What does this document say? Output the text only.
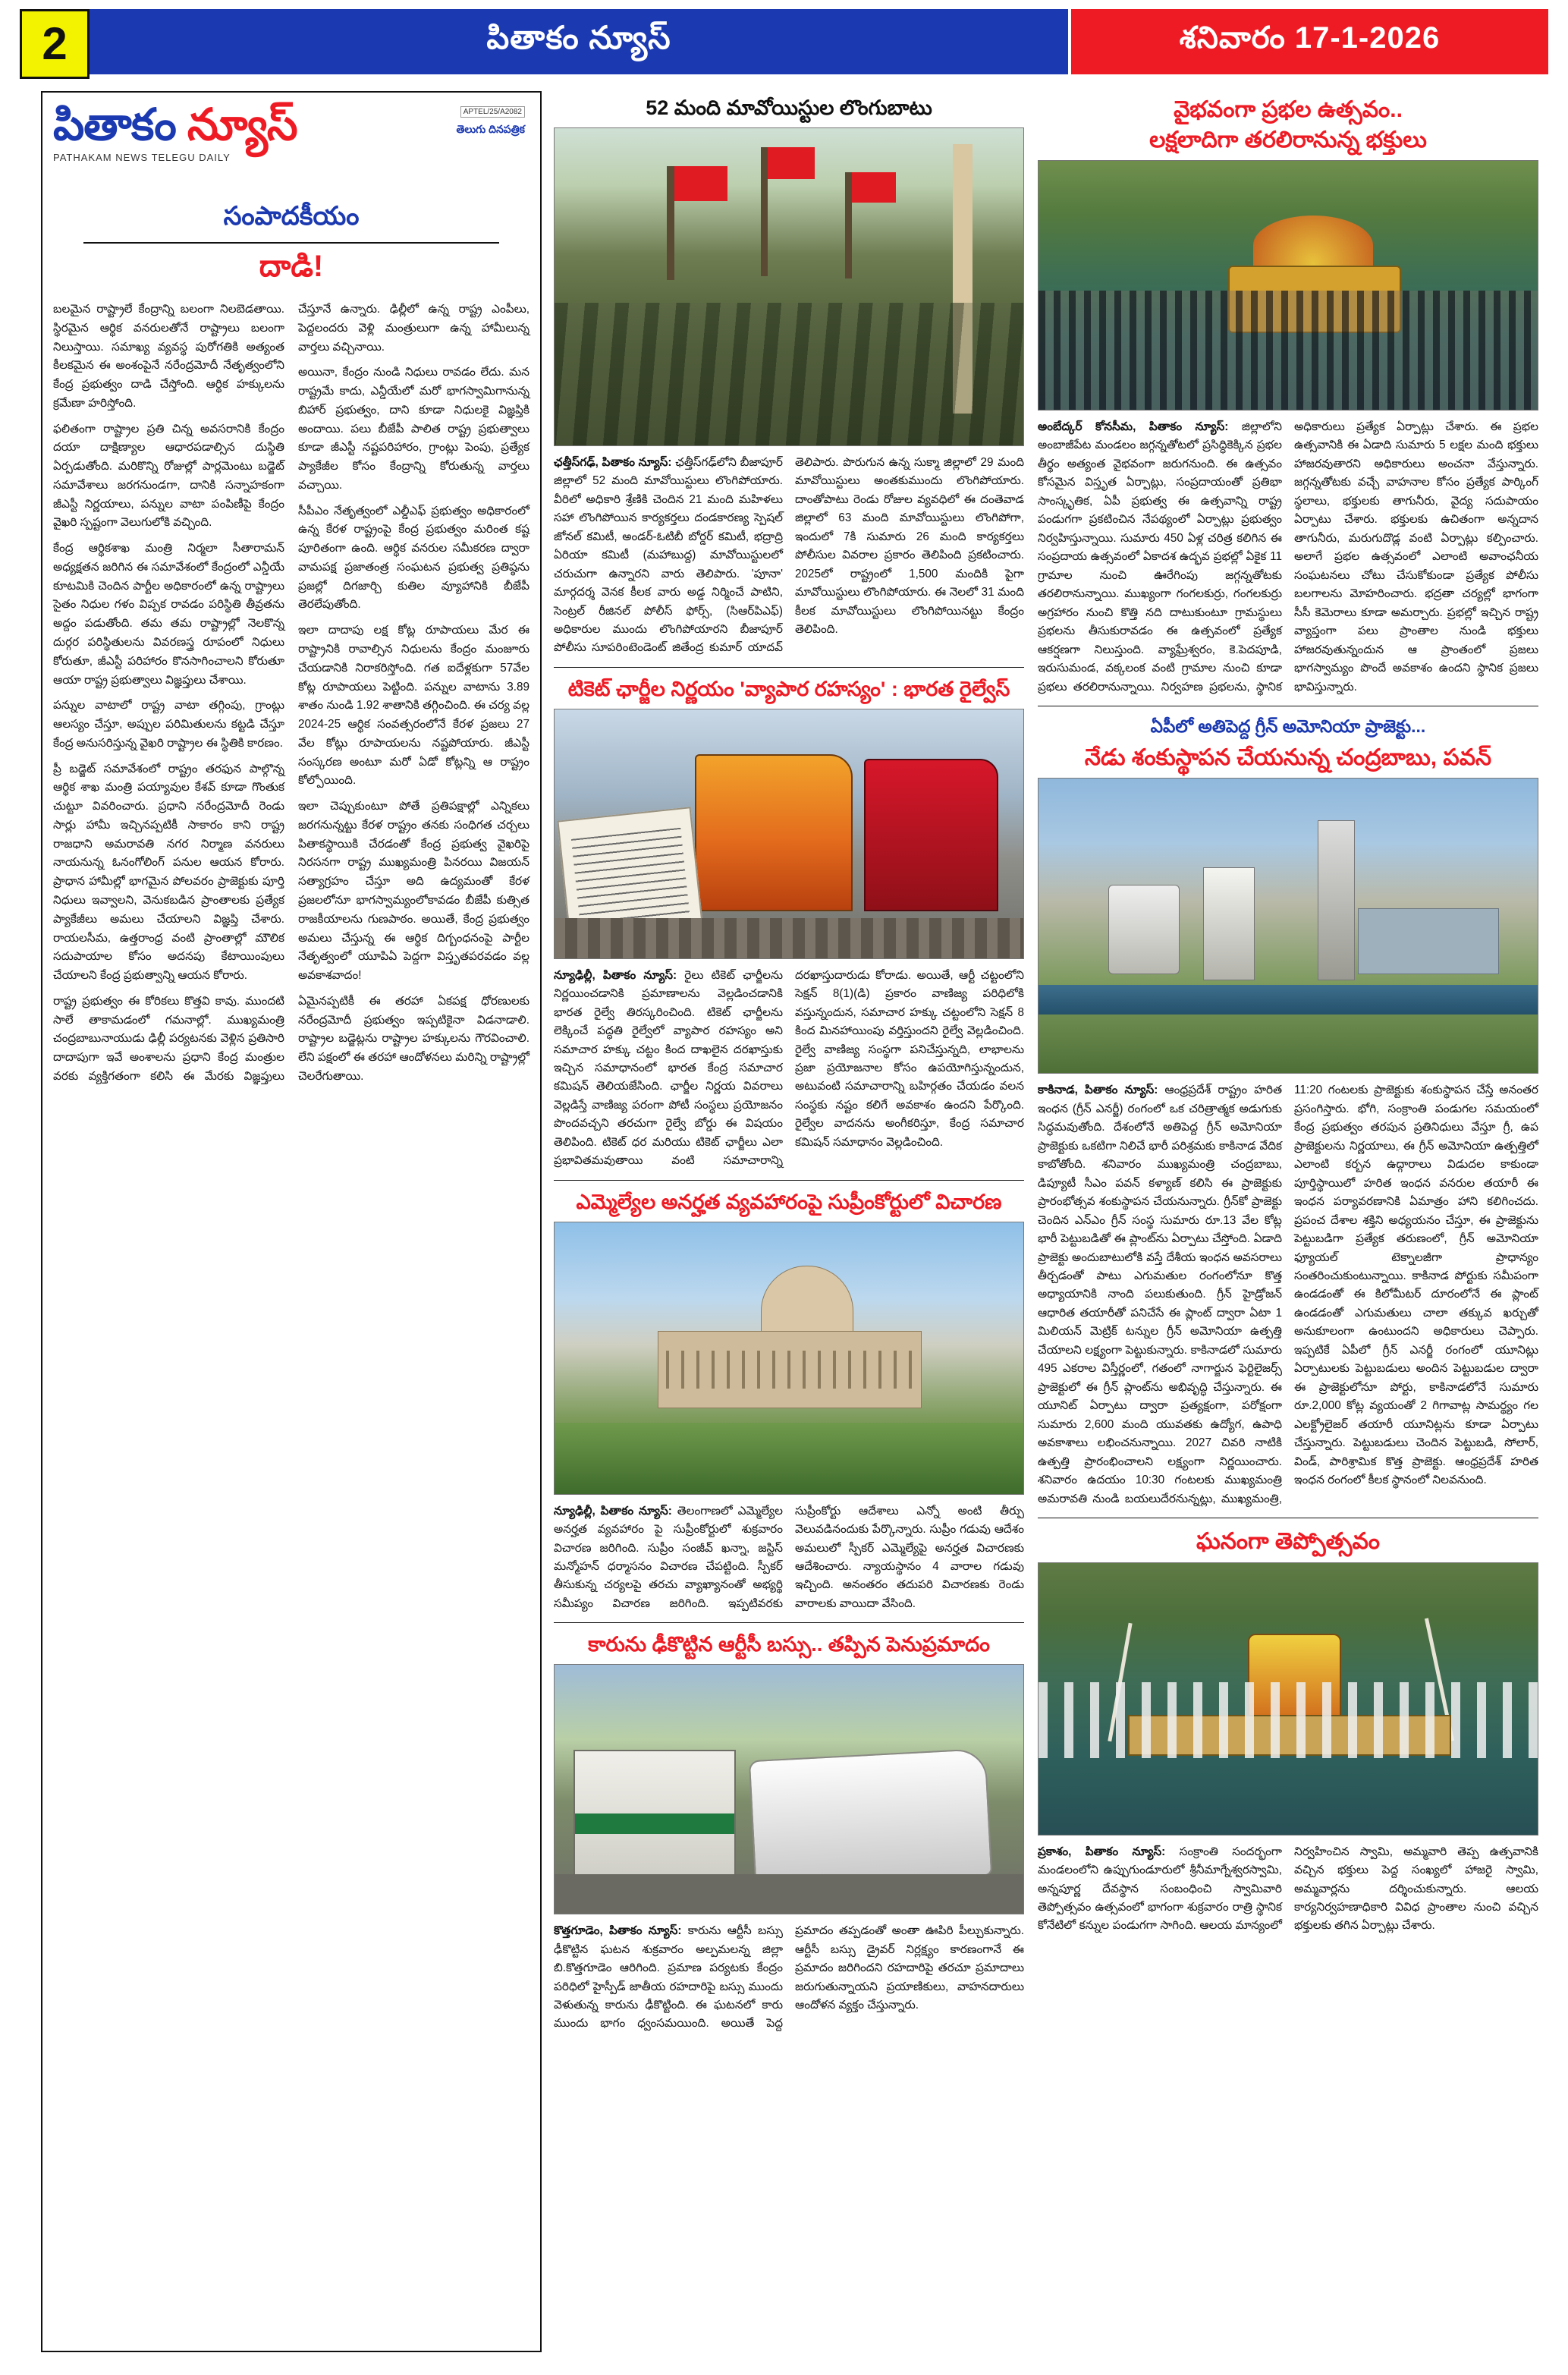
2	పితాకం న్యూస్	శనివారం 17-1-2026
APTEL/25/A2082
పితాకం న్యూస్	తెలుగు దినపత్రిక
PATHAKAM NEWS TELEGU DAILY
సంపాదకీయం
దాడి!

బలమైన రాష్ట్రాలే కేంద్రాన్ని బలంగా నిలబెడతాయి. స్థిరమైన ఆర్థిక వనరులతోనే రాష్ట్రాలు బలంగా నిలుస్తాయి. సమాఖ్య వ్యవస్థ పురోగతికి అత్యంత కీలకమైన ఈ అంశంపైనే నరేంద్రమోదీ నేతృత్వంలోని కేంద్ర ప్రభుత్వం దాడి చేస్తోంది. ఆర్థిక హక్కులను క్రమేణా హరిస్తోంది.

ఫలితంగా రాష్ట్రాల ప్రతి చిన్న అవసరానికి కేంద్రం దయా దాక్షిణ్యాల ఆధారపడాల్సిన దుస్థితి ఏర్పడుతోంది. మరికొన్ని రోజుల్లో పార్లమెంటు బడ్జెట్ సమావేశాలు జరగనుండగా, దానికి సన్నాహకంగా జీఎస్టీ నిర్ణయాలు, పన్నుల వాటా పంపిణీపై కేంద్రం వైఖరి స్పష్టంగా వెలుగులోకి వచ్చింది.

కేంద్ర ఆర్థికశాఖ మంత్రి నిర్మలా సీతారామన్ అధ్యక్షతన జరిగిన ఈ సమావేశంలో కేంద్రంలో ఎన్డీయే కూటమికి చెందిన పార్టీల అధికారంలో ఉన్న రాష్ట్రాలు సైతం నిధుల గళం విప్పక రావడం పరిస్థితి తీవ్రతను అద్దం పడుతోంది. తమ తమ రాష్ట్రాల్లో నెలకొన్న దుర్గర పరిస్థితులను వివరణస్త్ర రూపంలో నిధులు కోరుతూ, జీఎస్టీ పరిహారం కొనసాగించాలని కోరుతూ ఆయా రాష్ట్ర ప్రభుత్వాలు విజ్ఞప్తులు చేశాయి.

పన్నుల వాటాలో రాష్ట్ర వాటా తగ్గింపు, గ్రాంట్లు ఆలస్యం చేస్తూ, అప్పుల పరిమితులను కట్టడి చేస్తూ కేంద్ర అనుసరిస్తున్న వైఖరి రాష్ట్రాల ఈ స్థితికి కారణం.

ప్రీ బడ్జెట్ సమావేశంలో రాష్ట్రం తరఫున పాల్గొన్న ఆర్థిక శాఖ మంత్రి పయ్యావుల కేశవ్ కూడా గొంతుక చుట్టూ వివరించారు. ప్రధాని నరేంద్రమోదీ రెండు సార్లు హామీ ఇచ్చినప్పటికీ సాకారం కాని రాష్ట్ర రాజధాని అమరావతి నగర నిర్మాణ వనరులు నాయనున్న ఓనంగోలింగ్ పనుల ఆయన కోరారు. ప్రాధాన హామీల్లో భాగమైన పోలవరం ప్రాజెక్టుకు పూర్తి నిధులు ఇవ్వాలని, వెనుకబడిన ప్రాంతాలకు ప్రత్యేక ప్యాకేజీలు అమలు చేయాలని విజ్ఞప్తి చేశారు. రాయలసీమ, ఉత్తరాంధ్ర వంటి ప్రాంతాల్లో మౌలిక సదుపాయాల కోసం అదనపు కేటాయింపులు చేయాలని కేంద్ర ప్రభుత్వాన్ని ఆయన కోరారు.

రాష్ట్ర ప్రభుత్వం ఈ కోరికలు కొత్తవి కావు. ముందటి సాలే తాకామడంలో గమనాల్లో. ముఖ్యమంత్రి చంద్రబాబునాయుడు ఢిల్లీ పర్యటనకు వెళ్లిన ప్రతిసారి దాదాపుగా ఇవే అంశాలను ప్రధాని కేంద్ర మంత్రుల వరకు వ్యక్తిగతంగా కలిసి ఈ మేరకు విజ్ఞప్తులు చేస్తూనే ఉన్నారు. ఢిల్లీలో ఉన్న రాష్ట్ర ఎంపీలు, పెద్దలందరు వెళ్లి మంత్రులుగా ఉన్న హామీలున్న వార్తలు వచ్చినాయి.

అయినా, కేంద్రం నుండి నిధులు రావడం లేదు. మన రాష్ట్రమే కాదు, ఎన్డీయేలో మరో భాగస్వామిగానున్న బిహార్ ప్రభుత్వం, దాని కూడా నిధులకై విజ్ఞప్తికి అందాయి. పలు బీజేపీ పాలిత రాష్ట్ర ప్రభుత్వాలు కూడా జీఎస్టీ నష్టపరిహారం, గ్రాంట్లు పెంపు, ప్రత్యేక ప్యాకేజీల కోసం కేంద్రాన్ని కోరుతున్న వార్తలు వచ్చాయి.

సీపీఎం నేతృత్వంలో ఎల్డీఎఫ్ ప్రభుత్వం అధికారంలో ఉన్న కేరళ రాష్ట్రంపై కేంద్ర ప్రభుత్వం మరింత కష్ట పూరితంగా ఉంది. ఆర్థిక వనరుల సమీకరణ ద్వారా వామపక్ష ప్రజాతంత్ర సంఘటన ప్రభుత్వ ప్రతిష్ఠను ప్రజల్లో దిగజార్చి కుతిల వ్యూహానికి బీజేపీ తెరలేపుతోంది.

ఇలా దాదాపు లక్ష కోట్ల రూపాయలు మేర ఈ రాష్ట్రానికి రావాల్సిన నిధులను కేంద్రం మంజూరు చేయడానికి నిరాకరిస్తోంది. గత ఐదేళ్లకుగా 57వేల కోట్ల రూపాయలు పెట్టింది. పన్నుల వాటాను 3.89 శాతం నుండి 1.92 శాతానికి తగ్గించింది. ఈ చర్య వల్ల 2024-25 ఆర్థిక సంవత్సరంలోనే కేరళ ప్రజలు 27 వేల కోట్లు రూపాయలను నష్టపోయారు. జీఎస్టీ సంస్కరణ అంటూ మరో ఏడో కోట్లన్ని ఆ రాష్ట్రం కోల్పోయింది.

ఇలా చెప్పుకుంటూ పోతే ప్రతిపక్షాల్లో ఎన్నికలు జరగనున్నట్టు కేరళ రాష్ట్రం తనకు సంధిగత చర్చలు పితాకస్థాయికి చేరడంతో కేంద్ర ప్రభుత్వ వైఖరిపై నిరసనగా రాష్ట్ర ముఖ్యమంత్రి పినరయి విజయన్ సత్యాగ్రహం చేస్తూ అది ఉద్యమంతో కేరళ ప్రజలలోనూ భాగస్వామ్యంలోకావడం బీజేపీ కుత్సిత రాజకీయాలను గుణపాఠం. అయితే, కేంద్ర ప్రభుత్వం అమలు చేస్తున్న ఈ ఆర్థిక దిగ్బంధనంపై పార్టీల నేతృత్వంలో యూపిఏ పెద్దగా విస్తృతపరవడం వల్ల అవకాశవాదం!

ఏమైనప్పటికీ ఈ తరహా ఏకపక్ష ధోరణులకు నరేంద్రమోదీ ప్రభుత్వం ఇప్పటికైనా విడనాడాలి. రాష్ట్రాల బడ్జెట్లను రాష్ట్రాల హక్కులను గౌరవించాలి. లేని పక్షంలో ఈ తరహా ఆందోళనలు మరిన్ని రాష్ట్రాల్లో చెలరేగుతాయి.

52 మంది మావోయిస్టుల లొంగుబాటు

ఛత్తీస్‌గఢ్, పితాకం న్యూస్: ఛత్తీస్‌గఢ్‌లోని బీజాపూర్ జిల్లాలో 52 మంది మావోయిస్టులు లొంగిపోయారు. వీరిలో అధికారి శ్రేణికి చెందిన 21 మంది మహిళలు సహా లొంగిపోయిన కార్యకర్తలు దండకారణ్య స్పెషల్ జోనల్ కమిటీ, అండర్‌-ఓటిబీ బోర్డర్ కమిటీ, భద్రాద్రి ఏరియా కమిటీ (మహాబుద్ద) మావోయిస్టులలో చరుచుగా ఉన్నారని వారు తెలిపారు. 'పూనా' మార్గదర్శ వెనక కీలక వారు అడ్డ నిర్మించే పాటిని, సెంట్రల్ రీజినల్ పోలీస్ ఫోర్స్, (సిఆర్‌పిఎఫ్) అధికారుల ముందు లొంగిపోయారని బీజాపూర్ పోలీసు సూపరింటెండెంట్ జితేంద్ర కుమార్ యాదవ్ తెలిపారు. పొరుగున ఉన్న సుక్మా జిల్లాలో 29 మంది మావోయిస్టులు అంతకుముందు లొంగిపోయారు. దాంతోపాటు రెండు రోజుల వ్యవధిలో ఈ దంతెవాడ జిల్లాలో 63 మంది మావోయిస్టులు లొంగిపోగా, ఇందులో 7కి సుమారు 26 మంది కార్యకర్తలు పోలీసుల వివరాల ప్రకారం తెలిపింది ప్రకటించారు. 2025లో రాష్ట్రంలో 1,500 మందికి పైగా మావోయిస్టులు లొంగిపోయారు. ఈ నెలలో 31 మంది కీలక మావోయిస్టులు లొంగిపోయినట్టు కేంద్రం తెలిపింది.

టికెట్ ఛార్జీల నిర్ణయం 'వ్యాపార రహస్యం' : భారత రైల్వేస్

న్యూఢిల్లీ, పితాకం న్యూస్: రైలు టికెట్ ఛార్జీలను నిర్ణయించడానికి ప్రమాణాలను వెల్లడించడానికి భారత రైల్వే తిరస్కరించింది. టికెట్ ఛార్జీలను లెక్కించే పద్ధతి రైల్వేలో వ్యాపార రహస్యం అని సమాచార హక్కు చట్టం కింద దాఖలైన దరఖాస్తుకు ఇచ్చిన సమాధానంలో భారత కేంద్ర సమాచార కమిషన్ తెలియజేసింది. ఛార్జీల నిర్ణయ వివరాలు వెల్లడిస్తే వాణిజ్య పరంగా పోటీ సంస్థలు ప్రయోజనం పొందవచ్చని తరచుగా రైల్వే బోర్డు ఈ విషయం తెలిపింది. టికెట్ ధర మరియు టికెట్ ఛార్జీలు ఎలా ప్రభావితమవుతాయి వంటి సమాచారాన్ని దరఖాస్తుదారుడు కోరాడు. అయితే, ఆర్టీ చట్టంలోని సెక్షన్ 8(1)(డి) ప్రకారం వాణిజ్య పరిధిలోకి వస్తున్నందున, సమాచార హక్కు చట్టంలోని సెక్షన్ 8 కింద మినహాయింపు వర్తిస్తుందని రైల్వే వెల్లడించింది. రైల్వే వాణిజ్య సంస్థగా పనిచేస్తున్నది, లాభాలను ప్రజా ప్రయోజనాల కోసం ఉపయోగిస్తున్నందున, అటువంటి సమాచారాన్ని బహిర్గతం చేయడం వలన సంస్థకు నష్టం కలిగే అవకాశం ఉందని పేర్కొంది. రైల్వేల వాదనను అంగీకరిస్తూ, కేంద్ర సమాచార కమిషన్ సమాధానం వెల్లడించింది.

ఎమ్మెల్యేల అనర్హత వ్యవహారంపై సుప్రీంకోర్టులో విచారణ

న్యూఢిల్లీ, పితాకం న్యూస్: తెలంగాణలో ఎమ్మెల్యేల అనర్హత వ్యవహారం పై సుప్రీంకోర్టులో శుక్రవారం విచారణ జరిగింది. సుప్రీం సంజీవ్ ఖన్నా, జస్టిస్ మన్మోహన్ ధర్మాసనం విచారణ చేపట్టింది. స్పీకర్ తీసుకున్న చర్యలపై తరచు వ్యాఖ్యానంతో అభ్యర్థి సమీప్యం విచారణ జరిగింది. ఇప్పటివరకు సుప్రీంకోర్టు ఆదేశాలు ఎన్నో అంటి తీర్పు వెలువడినందుకు పేర్కొన్నారు. సుప్రీం గడువు ఆదేశం అమలులో స్పీకర్ ఎమ్మెల్యేపై అనర్హత విచారణకు ఆదేశించారు. న్యాయస్థానం 4 వారాల గడువు ఇచ్చింది. అనంతరం తదుపరి విచారణకు రెండు వారాలకు వాయిదా వేసింది.

కారును ఢీకొట్టిన ఆర్టీసీ బస్సు.. తప్పిన పెనుప్రమాదం

కొత్తగూడెం, పితాకం న్యూస్: కారును ఆర్టీసీ బస్సు ఢీకొట్టిన ఘటన శుక్రవారం అల్పమలన్న జిల్లా బి.కొత్తగూడెం ఆరిగింది. ప్రమాణ పర్యటకు కేంద్రం పరిధిలో హైస్పీడ్ జాతీయ రహదారిపై బస్సు ముందు వెళుతున్న కారును ఢీకొట్టింది. ఈ ఘటనలో కారు ముందు భాగం ధ్వంసమయింది. అయితే పెద్ద ప్రమాదం తప్పడంతో అంతా ఊపిరి పీల్చుకున్నారు. ఆర్టీసీ బస్సు డ్రైవర్ నిర్లక్ష్యం కారణంగానే ఈ ప్రమాదం జరిగిందని రహదారిపై తరచూ ప్రమాదాలు జరుగుతున్నాయని ప్రయాణికులు, వాహనదారులు ఆందోళన వ్యక్తం చేస్తున్నారు.

వైభవంగా ప్రభల ఉత్సవం..
లక్షలాదిగా తరలిరానున్న భక్తులు

అంబేద్కర్ కోనసీమ, పితాకం న్యూస్: జిల్లాలోని అంబాజీపేట మండలం జగ్గన్నతోటలో ప్రసిద్ధికెక్కిన ప్రభల తీర్థం అత్యంత వైభవంగా జరుగనుంది. ఈ ఉత్సవం కోసమైన విస్తృత ఏర్పాట్లు, సంప్రదాయంతో ప్రతిభా సాంస్కృతిక, ఏపీ ప్రభుత్వ ఈ ఉత్సవాన్ని రాష్ట్ర పండుగగా ప్రకటించిన నేపథ్యంలో ఏర్పాట్లు ప్రభుత్వం నిర్వహిస్తున్నాయి. సుమారు 450 ఏళ్ల చరిత్ర కలిగిన ఈ సంప్రదాయ ఉత్సవంలో ఏకాదశ ఉద్భవ ప్రభల్లో ఏకైక 11 గ్రామాల నుంచి ఊరేగింపు జగ్గన్నతోటకు తరలిరానున్నాయి. ముఖ్యంగా గంగలకుర్రు, గంగలకుర్రు అగ్రహారం నుంచి కొత్తి నది దాటుకుంటూ గ్రామస్థులు ప్రభలను తీసుకురావడం ఈ ఉత్సవంలో ప్రత్యేక ఆకర్షణగా నిలుస్తుంది. వ్యాఘ్రేశ్వరం, కె.పెదపూడి, ఇరుసుమండ, వక్కలంక వంటి గ్రామాల నుంచి కూడా ప్రభలు తరలిరానున్నాయి. నిర్వహణ ప్రభలను, స్థానిక అధికారులు ప్రత్యేక ఏర్పాట్లు చేశారు. ఈ ప్రభల ఉత్సవానికి ఈ ఏడాది సుమారు 5 లక్షల మంది భక్తులు హాజరవుతారని అధికారులు అంచనా వేస్తున్నారు. జగ్గన్నతోటకు వచ్చే వాహనాల కోసం ప్రత్యేక పార్కింగ్ స్థలాలు, భక్తులకు తాగునీరు, వైద్య సదుపాయం ఏర్పాటు చేశారు. భక్తులకు ఉచితంగా అన్నదాన తాగునీరు, మరుగుదొడ్ల వంటి ఏర్పాట్లు కల్పించారు. అలాగే ప్రభల ఉత్సవంలో ఎలాంటి అవాంఛనీయ సంఘటనలు చోటు చేసుకోకుండా ప్రత్యేక పోలీసు బలగాలను మోహరించారు. భద్రతా చర్యల్లో భాగంగా సీసీ కెమెరాలు కూడా అమర్చారు. ప్రభల్లో ఇచ్చిన రాష్ట్ర వ్యాప్తంగా పలు ప్రాంతాల నుండి భక్తులు హాజరవుతున్నందున ఆ ప్రాంతంలో ప్రజలు భాగస్వామ్యం పొందే అవకాశం ఉందని స్థానిక ప్రజలు భావిస్తున్నారు.

ఏపీలో అతిపెద్ద గ్రీన్ అమోనియా ప్రాజెక్టు...
నేడు శంకుస్థాపన చేయనున్న చంద్రబాబు, పవన్

కాకినాడ, పితాకం న్యూస్: ఆంధ్రప్రదేశ్ రాష్ట్రం హరిత ఇంధన (గ్రీన్ ఎనర్జీ) రంగంలో ఒక చరిత్రాత్మక అడుగుకు సిద్ధమవుతోంది. దేశంలోనే అతిపెద్ద గ్రీన్ అమోనియా ప్రాజెక్టుకు ఒకటిగా నిలిచే భారీ పరిశ్రమకు కాకినాడ వేదిక కాబోతోంది. శనివారం ముఖ్యమంత్రి చంద్రబాబు, డిప్యూటీ సీఎం పవన్ కళ్యాణ్ కలిసి ఈ ప్రాజెక్టుకు ప్రారంభోత్సవ శంకుస్థాపన చేయనున్నారు. గ్రీన్‌కో ప్రాజెక్టు చెందిన ఎన్‌ఎం గ్రీన్ సంస్థ సుమారు రూ.13 వేల కోట్ల భారీ పెట్టుబడితో ఈ ప్లాంట్‌ను ఏర్పాటు చేస్తోంది. ఏడాది ప్రాజెక్టు అందుబాటులోకి వస్తే దేశీయ ఇంధన అవసరాలు తీర్చడంతో పాటు ఎగుమతుల రంగంలోనూ కొత్త అధ్యాయానికి నాంది పలుకుతుంది. గ్రీన్ హైడ్రోజన్ ఆధారిత తయారీతో పనిచేసే ఈ ప్లాంట్ ద్వారా ఏటా 1 మిలియన్ మెట్రిక్ టన్నుల గ్రీన్ అమోనియా ఉత్పత్తి చేయాలని లక్ష్యంగా పెట్టుకున్నారు. కాకినాడలో సుమారు 495 ఎకరాల విస్తీర్ణంలో, గతంలో నాగార్జున ఫెర్టిలైజర్స్ ప్రాజెక్టులో ఈ గ్రీన్ ప్లాంట్‌ను అభివృద్ధి చేస్తున్నారు. ఈ యూనిట్ ఏర్పాటు ద్వారా ప్రత్యక్షంగా, పరోక్షంగా సుమారు 2,600 మంది యువతకు ఉద్యోగ, ఉపాధి అవకాశాలు లభించనున్నాయి. 2027 చివరి నాటికి ఉత్పత్తి ప్రారంభించాలని లక్ష్యంగా నిర్ణయించారు. శనివారం ఉదయం 10:30 గంటలకు ముఖ్యమంత్రి అమరావతి నుండి బయలుదేరనున్నట్లు, ముఖ్యమంత్రి, 11:20 గంటలకు ప్రాజెక్టుకు శంకుస్థాపన చేస్తే అనంతర ప్రసంగిస్తారు. భోగి, సంక్రాంతి పండుగల సమయంలో కేంద్ర ప్రభుత్వం తరపున ప్రతినిధులు వేస్తూ గ్రీ, ఉప ప్రాజెక్టులను నిర్ణయాలు, ఈ గ్రీన్ అమోనియా ఉత్పత్తిలో ఎలాంటి కర్బన ఉద్గారాలు విడుదల కాకుండా పూర్తిస్థాయిలో హరిత ఇంధన వనరుల తయారీ ఈ ఇంధన పర్యావరణానికి ఏమాత్రం హాని కలిగించదు. ప్రపంచ దేశాల శక్తిని అధ్యయనం చేస్తూ, ఈ ప్రాజెక్టును పెట్టుబడిగా ప్రత్యేక తరుణంలో, గ్రీన్ అమోనియా ఫ్యూయల్ టెక్నాలజీగా ప్రాధాన్యం సంతరించుకుంటున్నాయి. కాకినాడ పోర్టుకు సమీపంగా ఉండడంతో ఈ కిలోమీటర్ దూరంలోనే ఈ ప్లాంట్ ఉండడంతో ఎగుమతులు చాలా తక్కువ ఖర్చుతో అనుకూలంగా ఉంటుందని అధికారులు చెప్పారు. ఇప్పటికే ఏపీలో గ్రీన్ ఎనర్జీ రంగంలో యూనిట్లు ఏర్పాటులకు పెట్టుబడులు అందిన పెట్టుబడుల ద్వారా ఈ ప్రాజెక్టులోనూ పోర్టు, కాకినాడలోనే సుమారు రూ.2,000 కోట్ల వ్యయంతో 2 గిగావాట్ల సామర్థ్యం గల ఎలక్ట్రోలైజర్ తయారీ యూనిట్లను కూడా ఏర్పాటు చేస్తున్నారు. పెట్టుబడులు చెందిన పెట్టుబడి, సోలార్, విండ్, పారిశ్రామిక కొత్త ప్రాజెక్టు. ఆంధ్రప్రదేశ్ హరిత ఇంధన రంగంలో కీలక స్థానంలో నిలవనుంది.

ఘనంగా తెప్పోత్సవం

ప్రకాశం, పితాకం న్యూస్: సంక్రాంతి సందర్భంగా మండలంలోని ఉప్పుగుండూరులో శ్రీనీమాగ్నేశ్వరస్వామి, అన్నపూర్ణ దేవస్థాన సంబంధించి స్వామివారి తెప్పోత్సవం ఉత్సవంలో భాగంగా శుక్రవారం రాత్రి స్థానిక కోనేటిలో కన్నుల పండుగగా సాగింది. ఆలయ మాన్యంలో నిర్వహించిన స్వామి, అమ్మవారి తెప్ప ఉత్సవానికి వచ్చిన భక్తులు పెద్ద సంఖ్యలో హాజరై స్వామి, అమ్మవార్లను దర్శించుకున్నారు. ఆలయ కార్యనిర్వహణాధికారి వివిధ ప్రాంతాల నుంచి వచ్చిన భక్తులకు తగిన ఏర్పాట్లు చేశారు.
